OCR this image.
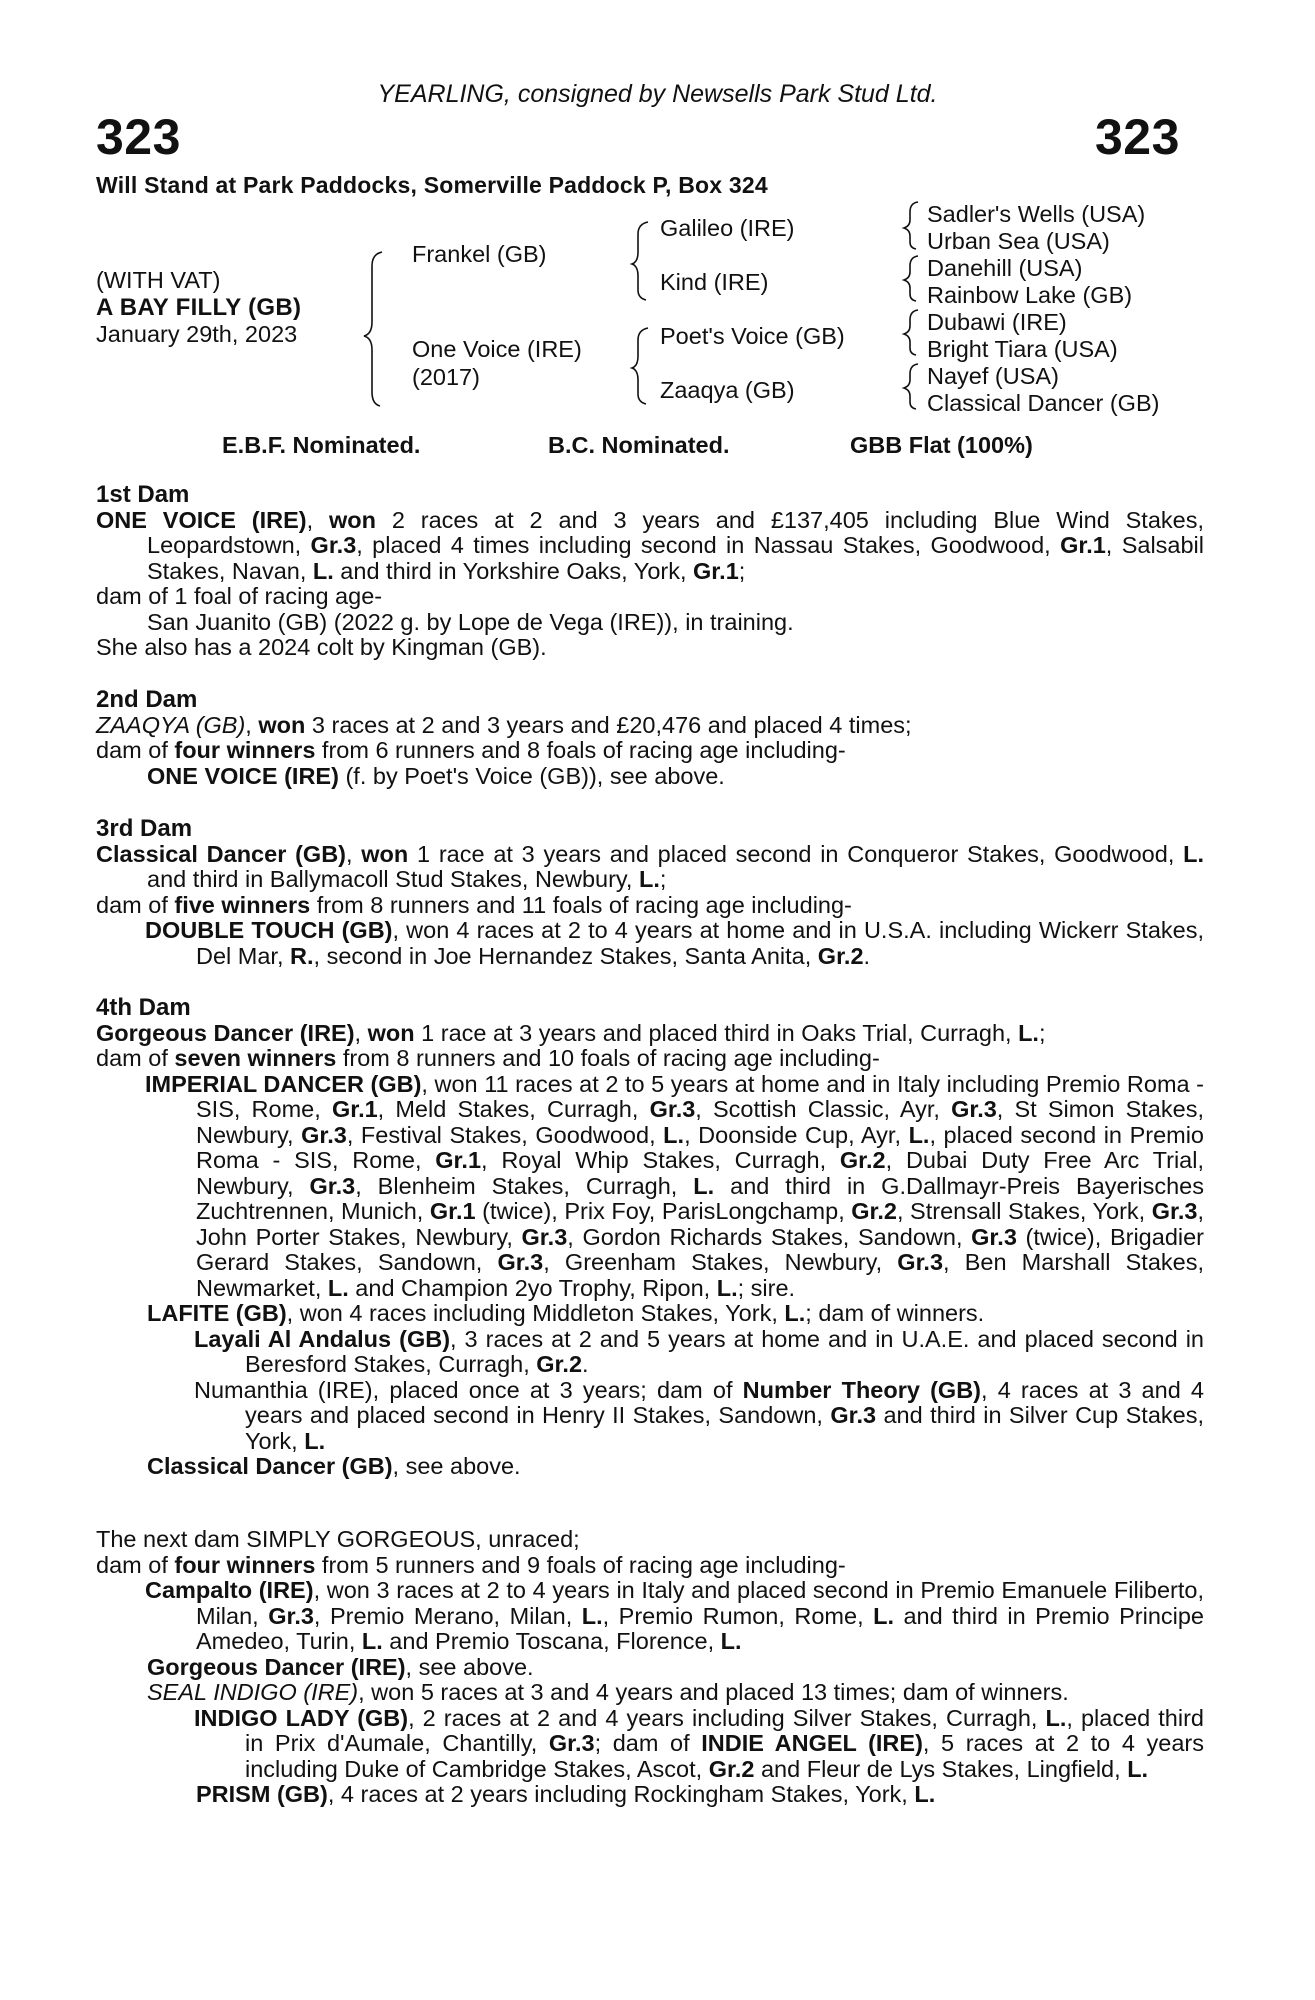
YEARLING, consigned by Newsells Park Stud Ltd.
323	323
Will Stand at Park Paddocks, Somerville Paddock P, Box 324
(WITH VAT)
A BAY FILLY (GB)
January 29th, 2023
Frankel (GB)
One Voice (IRE)
(2017)
Galileo (IRE)
Kind (IRE)
Poet's Voice (GB)
Zaaqya (GB)
Sadler's Wells (USA)
Urban Sea (USA)
Danehill (USA)
Rainbow Lake (GB)
Dubawi (IRE)
Bright Tiara (USA)
Nayef (USA)
Classical Dancer (GB)
E.B.F. Nominated.	B.C. Nominated.	GBB Flat (100%)

1st Dam

ONE VOICE (IRE), won 2 races at 2 and 3 years and £137,405 including Blue Wind Stakes, Leopardstown, Gr.3, placed 4 times including second in Nassau Stakes, Goodwood, Gr.1, Salsabil Stakes, Navan, L. and third in Yorkshire Oaks, York, Gr.1;

dam of 1 foal of racing age-

San Juanito (GB) (2022 g. by Lope de Vega (IRE)), in training.

She also has a 2024 colt by Kingman (GB).

2nd Dam

ZAAQYA (GB), won 3 races at 2 and 3 years and £20,476 and placed 4 times;

dam of four winners from 6 runners and 8 foals of racing age including-

ONE VOICE (IRE) (f. by Poet's Voice (GB)), see above.

3rd Dam

Classical Dancer (GB), won 1 race at 3 years and placed second in Conqueror Stakes, Goodwood, L. and third in Ballymacoll Stud Stakes, Newbury, L.;

dam of five winners from 8 runners and 11 foals of racing age including-

DOUBLE TOUCH (GB), won 4 races at 2 to 4 years at home and in U.S.A. including Wickerr Stakes, Del Mar, R., second in Joe Hernandez Stakes, Santa Anita, Gr.2.

4th Dam

Gorgeous Dancer (IRE), won 1 race at 3 years and placed third in Oaks Trial, Curragh, L.;

dam of seven winners from 8 runners and 10 foals of racing age including-

IMPERIAL DANCER (GB), won 11 races at 2 to 5 years at home and in Italy including Premio Roma - SIS, Rome, Gr.1, Meld Stakes, Curragh, Gr.3, Scottish Classic, Ayr, Gr.3, St Simon Stakes, Newbury, Gr.3, Festival Stakes, Goodwood, L., Doonside Cup, Ayr, L., placed second in Premio Roma - SIS, Rome, Gr.1, Royal Whip Stakes, Curragh, Gr.2, Dubai Duty Free Arc Trial, Newbury, Gr.3, Blenheim Stakes, Curragh, L. and third in G.Dallmayr-Preis Bayerisches Zuchtrennen, Munich, Gr.1 (twice), Prix Foy, ParisLongchamp, Gr.2, Strensall Stakes, York, Gr.3, John Porter Stakes, Newbury, Gr.3, Gordon Richards Stakes, Sandown, Gr.3 (twice), Brigadier Gerard Stakes, Sandown, Gr.3, Greenham Stakes, Newbury, Gr.3, Ben Marshall Stakes, Newmarket, L. and Champion 2yo Trophy, Ripon, L.; sire.

LAFITE (GB), won 4 races including Middleton Stakes, York, L.; dam of winners.

Layali Al Andalus (GB), 3 races at 2 and 5 years at home and in U.A.E. and placed second in Beresford Stakes, Curragh, Gr.2.

Numanthia (IRE), placed once at 3 years; dam of Number Theory (GB), 4 races at 3 and 4 years and placed second in Henry II Stakes, Sandown, Gr.3 and third in Silver Cup Stakes, York, L.

Classical Dancer (GB), see above.

The next dam SIMPLY GORGEOUS, unraced;

dam of four winners from 5 runners and 9 foals of racing age including-

Campalto (IRE), won 3 races at 2 to 4 years in Italy and placed second in Premio Emanuele Filiberto, Milan, Gr.3, Premio Merano, Milan, L., Premio Rumon, Rome, L. and third in Premio Principe Amedeo, Turin, L. and Premio Toscana, Florence, L.

Gorgeous Dancer (IRE), see above.

SEAL INDIGO (IRE), won 5 races at 3 and 4 years and placed 13 times; dam of winners.

INDIGO LADY (GB), 2 races at 2 and 4 years including Silver Stakes, Curragh, L., placed third in Prix d'Aumale, Chantilly, Gr.3; dam of INDIE ANGEL (IRE), 5 races at 2 to 4 years including Duke of Cambridge Stakes, Ascot, Gr.2 and Fleur de Lys Stakes, Lingfield, L.

PRISM (GB), 4 races at 2 years including Rockingham Stakes, York, L.
